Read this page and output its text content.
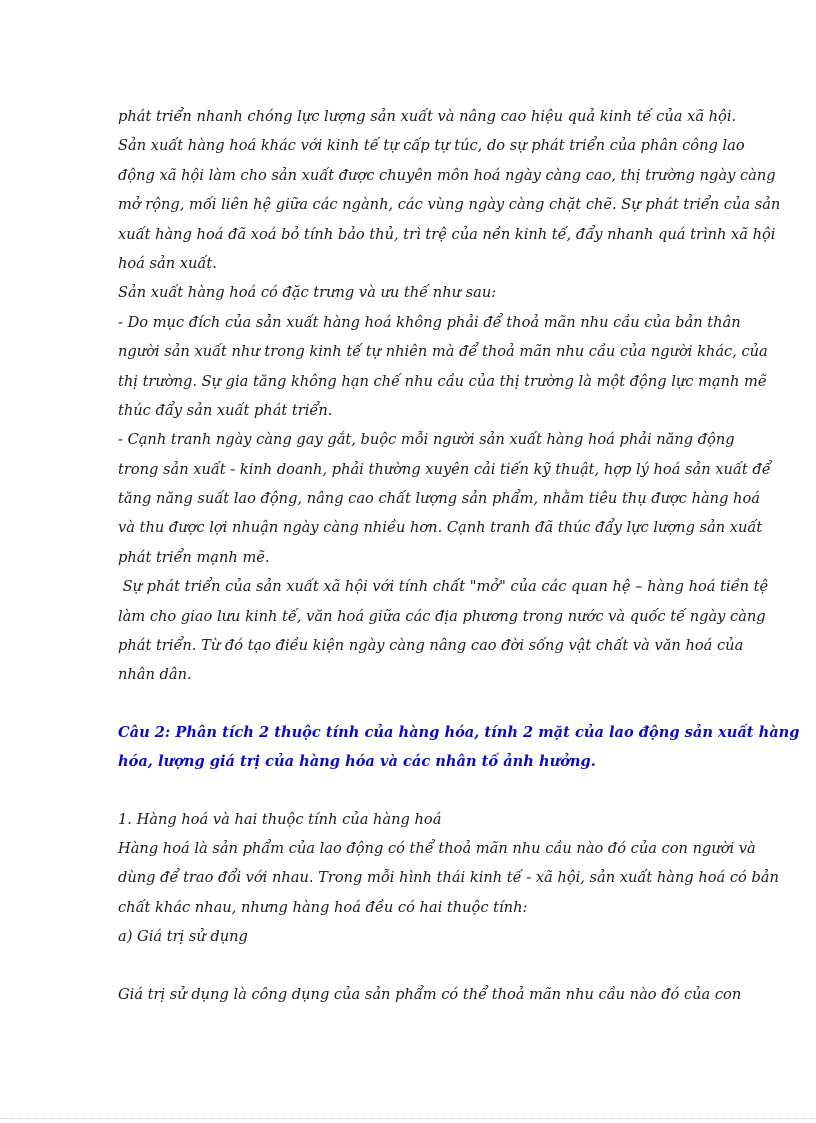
phát triển nhanh chóng lực lượng sản xuất và nâng cao hiệu quả kinh tế của xã hội.
Sản xuất hàng hoá khác với kinh tế tự cấp tự túc, do sự phát triển của phân công lao
động xã hội làm cho sản xuất được chuyên môn hoá ngày càng cao, thị trường ngày càng
mở rộng, mối liên hệ giữa các ngành, các vùng ngày càng chặt chẽ. Sự phát triển của sản
xuất hàng hoá đã xoá bỏ tính bảo thủ, trì trệ của nền kinh tế, đẩy nhanh quá trình xã hội
hoá sản xuất.
Sản xuất hàng hoá có đặc trưng và ưu thế như sau:
- Do mục đích của sản xuất hàng hoá không phải để thoả mãn nhu cầu của bản thân
người sản xuất như trong kinh tế tự nhiên mà để thoả mãn nhu cầu của người khác, của
thị trường. Sự gia tăng không hạn chế nhu cầu của thị trường là một động lực mạnh mẽ
thúc đẩy sản xuất phát triển.
- Cạnh tranh ngày càng gay gắt, buộc mỗi người sản xuất hàng hoá phải năng động
trong sản xuất - kinh doanh, phải thường xuyên cải tiến kỹ thuật, hợp lý hoá sản xuất để
tăng năng suất lao động, nâng cao chất lượng sản phẩm, nhằm tiêu thụ được hàng hoá
và thu được lợi nhuận ngày càng nhiều hơn. Cạnh tranh đã thúc đẩy lực lượng sản xuất
phát triển mạnh mẽ.
Sự phát triển của sản xuất xã hội với tính chất "mở" của các quan hệ – hàng hoá tiền tệ
làm cho giao lưu kinh tế, văn hoá giữa các địa phương trong nước và quốc tế ngày càng
phát triển. Từ đó tạo điều kiện ngày càng nâng cao đời sống vật chất và văn hoá của
nhân dân.
Câu 2: Phân tích 2 thuộc tính của hàng hóa, tính 2 mặt của lao động sản xuất hàng
hóa, lượng giá trị của hàng hóa và các nhân tố ảnh hưởng.
1. Hàng hoá và hai thuộc tính của hàng hoá
Hàng hoá là sản phẩm của lao động có thể thoả mãn nhu cầu nào đó của con người và
dùng để trao đổi với nhau. Trong mỗi hình thái kinh tế - xã hội, sản xuất hàng hoá có bản
chất khác nhau, nhưng hàng hoá đều có hai thuộc tính:
a) Giá trị sử dụng
Giá trị sử dụng là công dụng của sản phẩm có thể thoả mãn nhu cầu nào đó của con
